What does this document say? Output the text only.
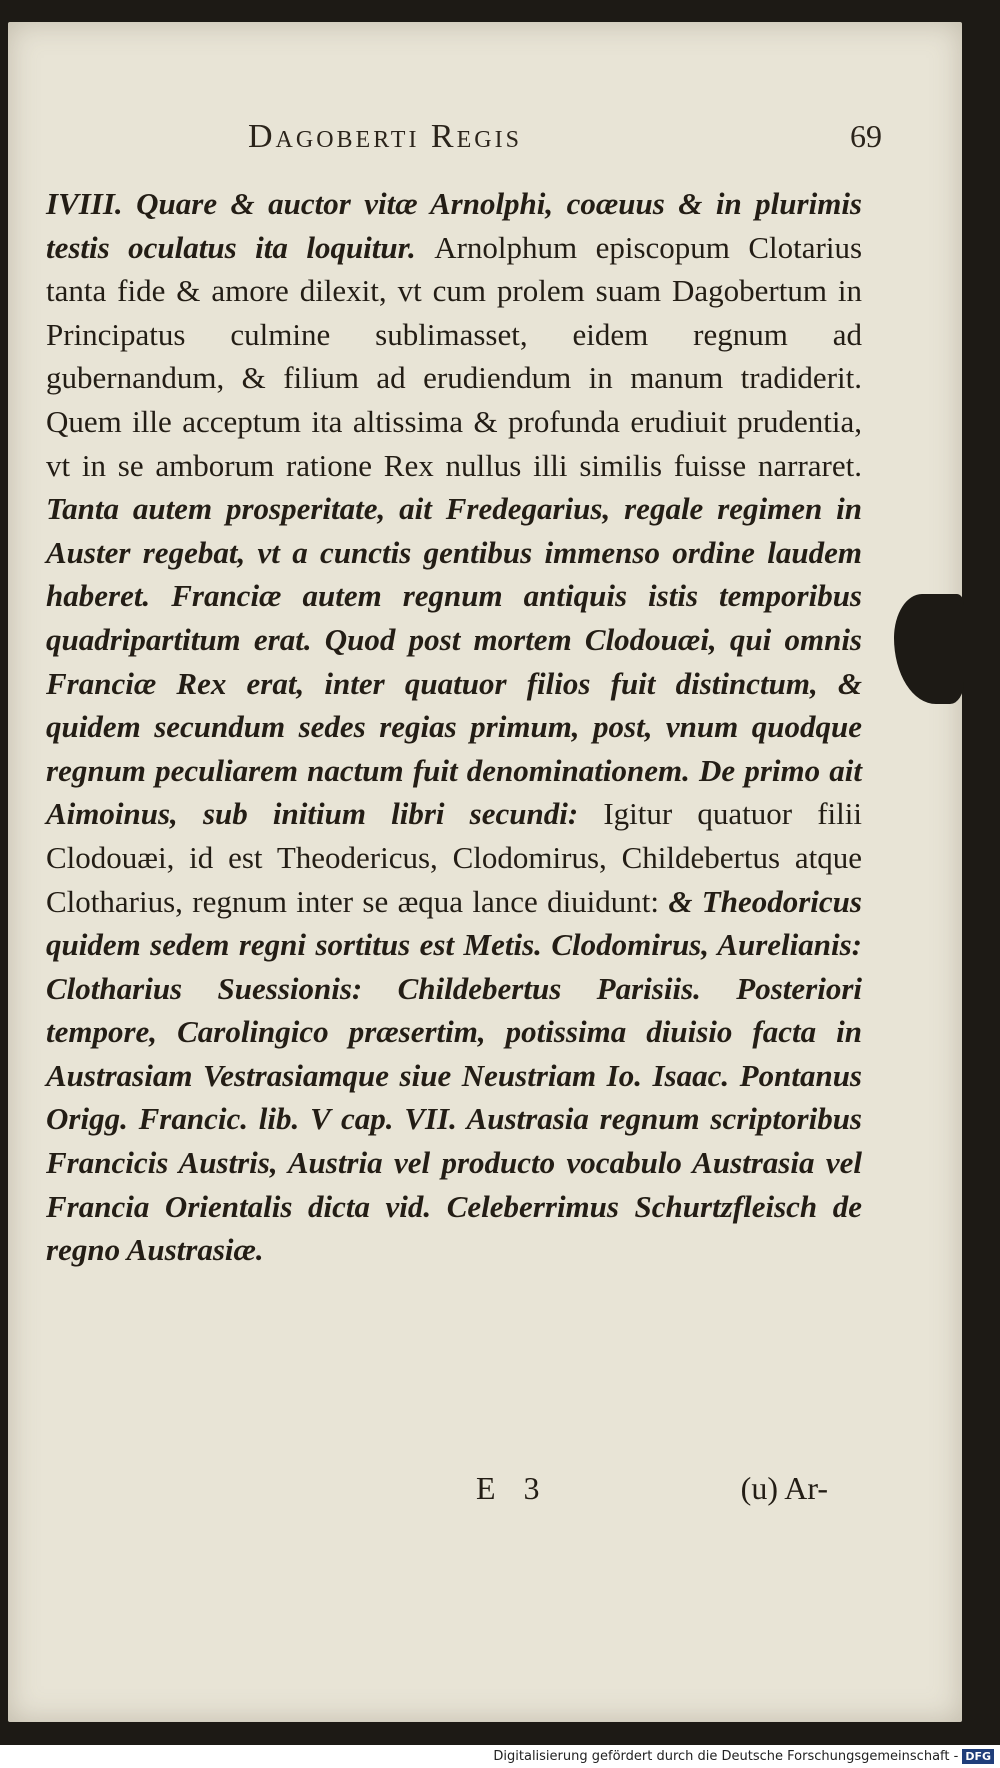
Dagoberti Regis	69
IVIII. Quare & auctor vitæ Arnolphi, coæuus & in plurimis testis oculatus ita loquitur. Arnolphum episcopum Clotarius tanta fide & amore dilexit, vt cum prolem suam Dagobertum in Principatus culmine sublimasset, eidem regnum ad gubernandum, & filium ad erudiendum in manum tradiderit. Quem ille acceptum ita altissima & profunda erudiuit prudentia, vt in se amborum ratione Rex nullus illi similis fuisse narraret. Tanta autem prosperitate, ait Fredegarius, regale regimen in Auster regebat, vt a cunctis gentibus immenso ordine laudem haberet. Franciæ autem regnum antiquis istis temporibus quadripartitum erat. Quod post mortem Clodouæi, qui omnis Franciæ Rex erat, inter quatuor filios fuit distinctum, & quidem secundum sedes regias primum, post, vnum quodque regnum peculiarem nactum fuit denominationem. De primo ait Aimoinus, sub initium libri secundi: Igitur quatuor filii Clodouæi, id est Theodericus, Clodomirus, Childebertus atque Clotharius, regnum inter se æqua lance diuidunt: & Theodoricus quidem sedem regni sortitus est Metis. Clodomirus, Aurelianis: Clotharius Suessionis: Childebertus Parisiis. Posteriori tempore, Carolingico præsertim, potissima diuisio facta in Austrasiam Vestrasiamque siue Neustriam Io. Isaac. Pontanus Origg. Francic. lib. V cap. VII. Austrasia regnum scriptoribus Francicis Austris, Austria vel producto vocabulo Austrasia vel Francia Orientalis dicta vid. Celeberrimus Schurtzfleisch de regno Austrasiæ.
E 3	(u) Ar-
Digitalisierung gefördert durch die Deutsche Forschungsgemeinschaft - DFG
